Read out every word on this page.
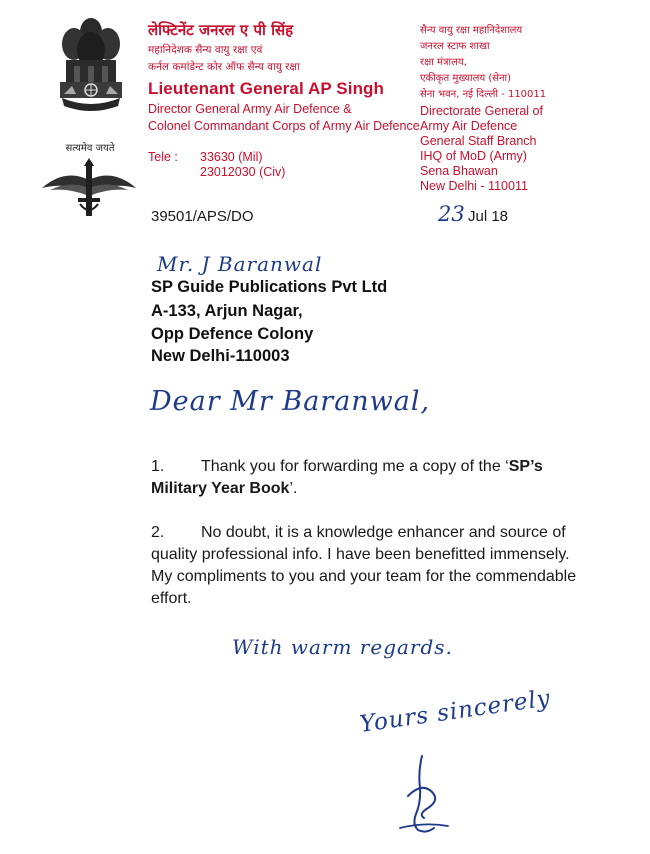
सत्यमेव जयते
लेफ्टिनेंट जनरल ए पी सिंह
महानिदेशक सैन्य वायु रक्षा एवं
कर्नल कमांडेन्ट कोर ऑफ सैन्य वायु रक्षा
Lieutenant General AP Singh
Director General Army Air Defence &
Colonel Commandant Corps of Army Air Defence
Tele : 33630 (Mil)
23012030 (Civ)
सैन्य वायु रक्षा महानिदेशालय
जनरल स्टाफ शाखा
रक्षा मंत्रालय,
एकीकृत मुख्यालय (सेना)
सेना भवन, नई दिल्ली - 110011
Directorate General of
Army Air Defence
General Staff Branch
IHQ of MoD (Army)
Sena Bhawan
New Delhi - 110011
39501/APS/DO	23 Jul 18
Mr. J Baranwal
SP Guide Publications Pvt Ltd
A-133, Arjun Nagar,
Opp Defence Colony
New Delhi-110003
Dear Mr Baranwal,
1. Thank you for forwarding me a copy of the ‘SP’s Military Year Book’.
2. No doubt, it is a knowledge enhancer and source of quality professional info. I have been benefitted immensely. My compliments to you and your team for the commendable effort.
With warm regards.
Yours sincerely
